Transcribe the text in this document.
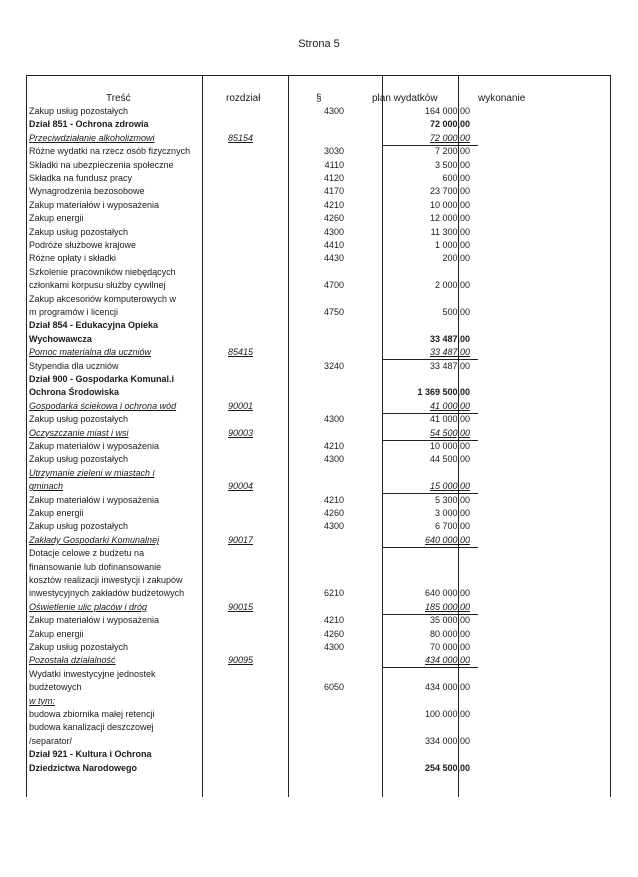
Strona 5
Treść	rozdział	§	plan wydatków	wykonanie
Zakup usług pozostałych	4300	164 000,00
Dział 851 - Ochrona zdrowia	72 000,00
Przeciwdziałanie alkoholizmowi	85154	72 000,00
Różne wydatki na rzecz osób fizycznych	3030	7 200,00
Składki na ubezpieczenia społeczne	4110	3 500,00
Składka na fundusz pracy	4120	600,00
Wynagrodzenia bezosobowe	4170	23 700,00
Zakup materiałów i wyposażenia	4210	10 000,00
Zakup energii	4260	12 000,00
Zakup usług pozostałych	4300	11 300,00
Podróże służbowe krajowe	4410	1 000,00
Różne opłaty i składki	4430	200,00
Szkolenie pracowników niebędących
członkami korpusu służby cywilnej	4700	2 000,00
Zakup akcesoriów komputerowych w
m programów i licencji	4750	500,00
Dział 854 - Edukacyjna Opieka
Wychowawcza	33 487,00
Pomoc materialna dla uczniów	85415	33 487,00
Stypendia dla uczniów	3240	33 487,00
Dział 900 - Gospodarka Komunal.i
Ochrona Środowiska	1 369 500,00
Gospodarka ściekowa i ochrona wód	90001	41 000,00
Zakup usług pozostałych	4300	41 000,00
Oczyszczanie miast i wsi	90003	54 500,00
Zakup materiałów i wyposażenia	4210	10 000,00
Zakup usług pozostałych	4300	44 500,00
Utrzymanie zieleni w miastach i
gminach	90004	15 000,00
Zakup materiałów i wyposażenia	4210	5 300,00
Zakup energii	4260	3 000,00
Zakup usług pozostałych	4300	6 700,00
Zakłady Gospodarki Komunalnej	90017	640 000,00
Dotacje celowe z budżetu na
finansowanie lub dofinansowanie
kosztów realizacji inwestycji i zakupów
inwestycyjnych zakładów budżetowych	6210	640 000,00
Oświetlenie ulic placów i dróg	90015	185 000,00
Zakup materiałów i wyposażenia	4210	35 000,00
Zakup energii	4260	80 000,00
Zakup usług pozostałych	4300	70 000,00
Pozostała działalność	90095	434 000,00
Wydatki inwestycyjne jednostek
budżetowych	6050	434 000,00
w tym:
budowa zbiornika małej retencji	100 000,00
budowa kanalizacji deszczowej
/separator/	334 000,00
Dział 921 - Kultura i Ochrona
Dziedzictwa Narodowego	254 500,00
